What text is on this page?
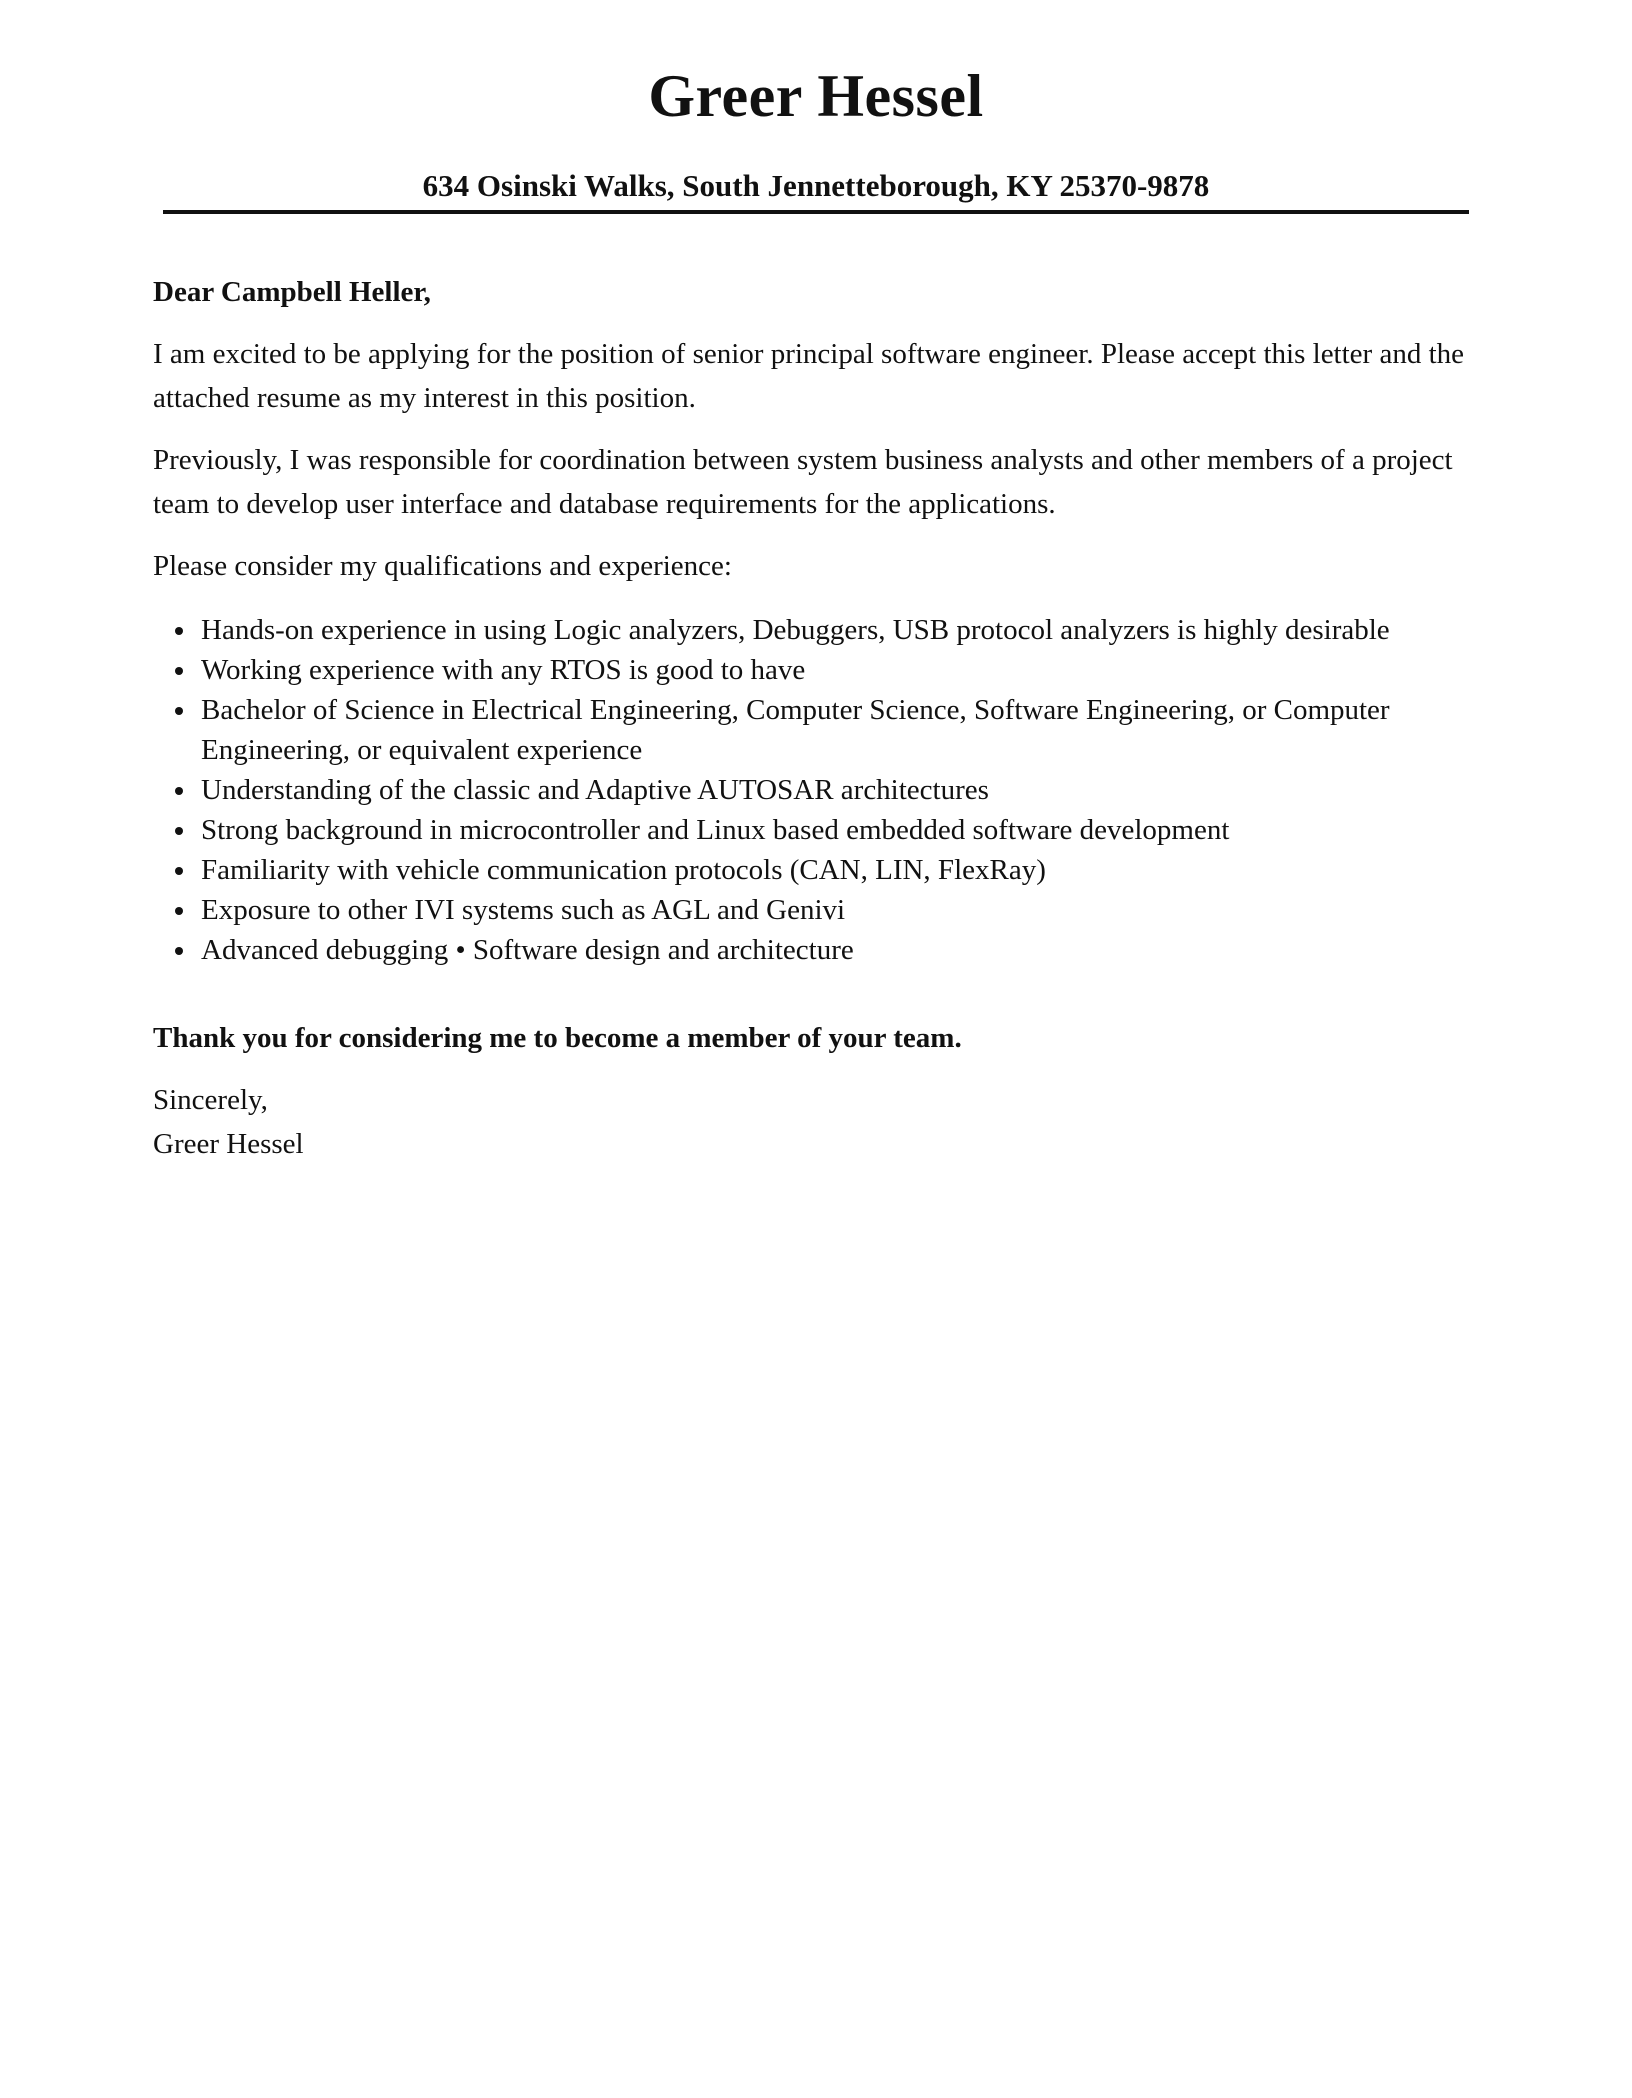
Greer Hessel
634 Osinski Walks, South Jennetteborough, KY 25370-9878

Dear Campbell Heller,

I am excited to be applying for the position of senior principal software engineer. Please accept this letter and the attached resume as my interest in this position.

Previously, I was responsible for coordination between system business analysts and other members of a project team to develop user interface and database requirements for the applications.

Please consider my qualifications and experience:

Hands-on experience in using Logic analyzers, Debuggers, USB protocol analyzers is highly desirable
Working experience with any RTOS is good to have
Bachelor of Science in Electrical Engineering, Computer Science, Software Engineering, or Computer Engineering, or equivalent experience
Understanding of the classic and Adaptive AUTOSAR architectures
Strong background in microcontroller and Linux based embedded software development
Familiarity with vehicle communication protocols (CAN, LIN, FlexRay)
Exposure to other IVI systems such as AGL and Genivi
Advanced debugging • Software design and architecture

Thank you for considering me to become a member of your team.

Sincerely,
Greer Hessel
